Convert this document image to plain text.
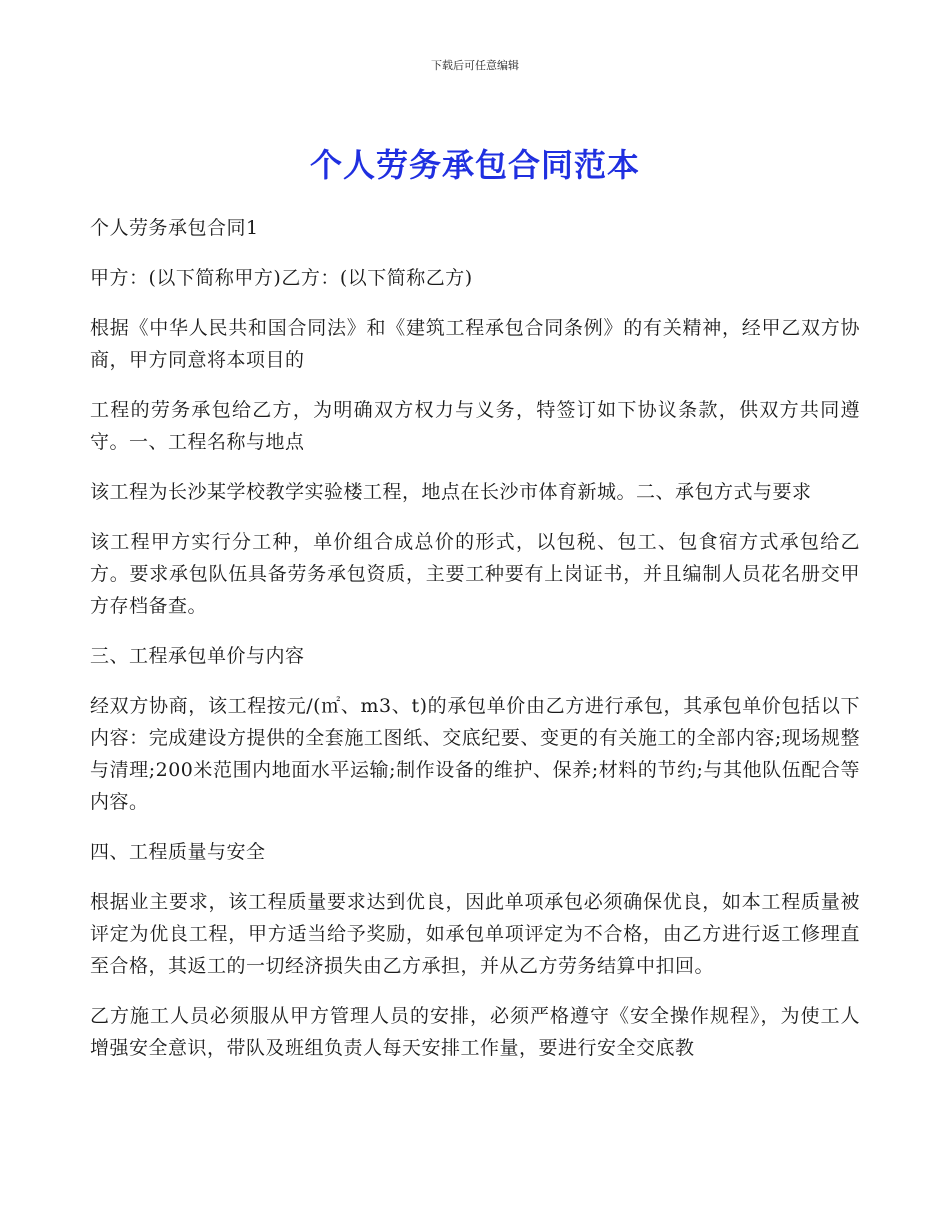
下载后可任意编辑
个人劳务承包合同范本

个人劳务承包合同1

甲方：(以下简称甲方)乙方：(以下简称乙方)

根据《中华人民共和国合同法》和《建筑工程承包合同条例》的有关精神，经甲乙双方协商，甲方同意将本项目的

工程的劳务承包给乙方，为明确双方权力与义务，特签订如下协议条款，供双方共同遵守。一、工程名称与地点

该工程为长沙某学校教学实验楼工程，地点在长沙市体育新城。二、承包方式与要求

该工程甲方实行分工种，单价组合成总价的形式，以包税、包工、包食宿方式承包给乙方。要求承包队伍具备劳务承包资质，主要工种要有上岗证书，并且编制人员花名册交甲方存档备查。

三、工程承包单价与内容

经双方协商，该工程按元/(㎡、m3、t)的承包单价由乙方进行承包，其承包单价包括以下内容：完成建设方提供的全套施工图纸、交底纪要、变更的有关施工的全部内容;现场规整与清理;200米范围内地面水平运输;制作设备的维护、保养;材料的节约;与其他队伍配合等内容。

四、工程质量与安全

根据业主要求，该工程质量要求达到优良，因此单项承包必须确保优良，如本工程质量被评定为优良工程，甲方适当给予奖励，如承包单项评定为不合格，由乙方进行返工修理直至合格，其返工的一切经济损失由乙方承担，并从乙方劳务结算中扣回。

乙方施工人员必须服从甲方管理人员的安排，必须严格遵守《安全操作规程》，为使工人增强安全意识，带队及班组负责人每天安排工作量，要进行安全交底教
